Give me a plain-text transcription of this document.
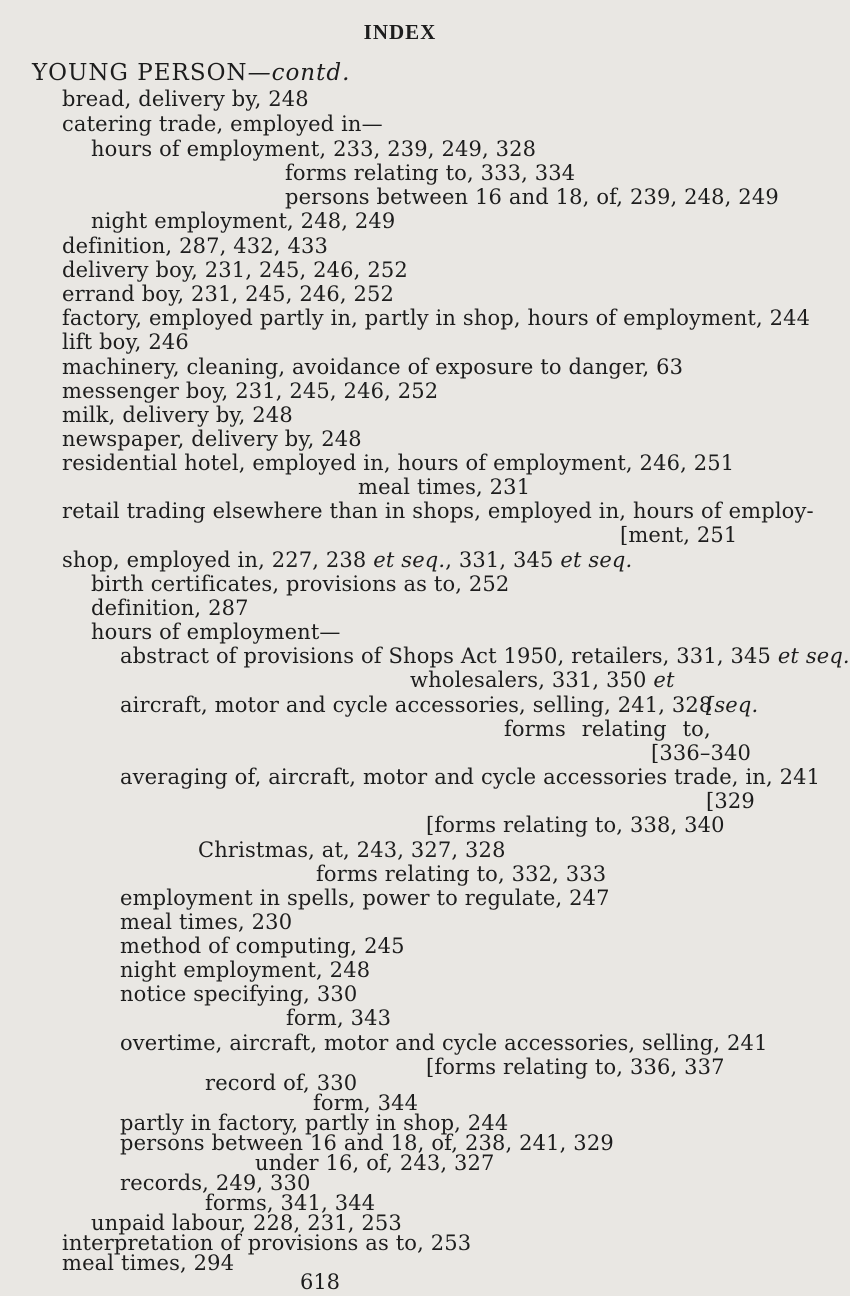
INDEX
YOUNG PERSON—contd.
bread, delivery by, 248
catering trade, employed in—
hours of employment, 233, 239, 249, 328
forms relating to, 333, 334
persons between 16 and 18, of, 239, 248, 249
night employment, 248, 249
definition, 287, 432, 433
delivery boy, 231, 245, 246, 252
errand boy, 231, 245, 246, 252
factory, employed partly in, partly in shop, hours of employment, 244
lift boy, 246
machinery, cleaning, avoidance of exposure to danger, 63
messenger boy, 231, 245, 246, 252
milk, delivery by, 248
newspaper, delivery by, 248
residential hotel, employed in, hours of employment, 246, 251
meal times, 231
retail trading elsewhere than in shops, employed in, hours of employ-
[ment, 251
shop, employed in, 227, 238 et seq., 331, 345 et seq.
birth certificates, provisions as to, 252
definition, 287
hours of employment—
abstract of provisions of Shops Act 1950, retailers, 331, 345 et seq.
wholesalers, 331, 350 et
aircraft, motor and cycle accessories, selling, 241, 328
[seq.
forms relating to,
[336–340
averaging of, aircraft, motor and cycle accessories trade, in, 241
[329
[forms relating to, 338, 340
Christmas, at, 243, 327, 328
forms relating to, 332, 333
employment in spells, power to regulate, 247
meal times, 230
method of computing, 245
night employment, 248
notice specifying, 330
form, 343
overtime, aircraft, motor and cycle accessories, selling, 241
[forms relating to, 336, 337
record of, 330
form, 344
partly in factory, partly in shop, 244
persons between 16 and 18, of, 238, 241, 329
under 16, of, 243, 327
records, 249, 330
forms, 341, 344
unpaid labour, 228, 231, 253
interpretation of provisions as to, 253
meal times, 294
618
